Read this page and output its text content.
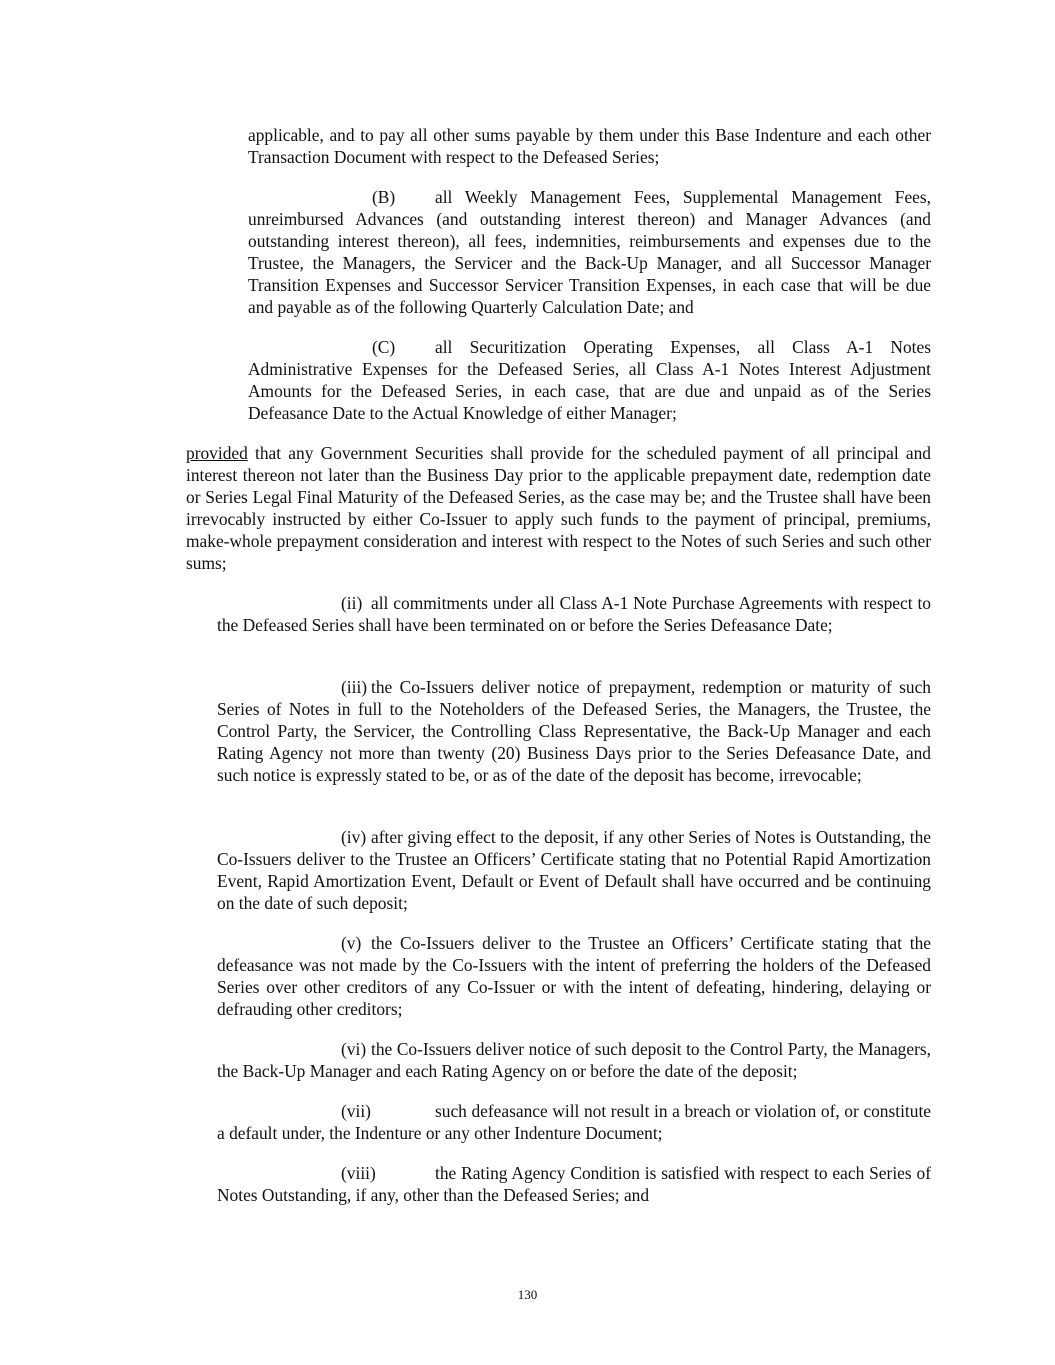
applicable, and to pay all other sums payable by them under this Base Indenture and each other Transaction Document with respect to the Defeased Series;

(B) all Weekly Management Fees, Supplemental Management Fees, unreimbursed Advances (and outstanding interest thereon) and Manager Advances (and outstanding interest thereon), all fees, indemnities, reimbursements and expenses due to the Trustee, the Managers, the Servicer and the Back-Up Manager, and all Successor Manager Transition Expenses and Successor Servicer Transition Expenses, in each case that will be due and payable as of the following Quarterly Calculation Date; and

(C) all Securitization Operating Expenses, all Class A-1 Notes Administrative Expenses for the Defeased Series, all Class A-1 Notes Interest Adjustment Amounts for the Defeased Series, in each case, that are due and unpaid as of the Series Defeasance Date to the Actual Knowledge of either Manager;

provided that any Government Securities shall provide for the scheduled payment of all principal and interest thereon not later than the Business Day prior to the applicable prepayment date, redemption date or Series Legal Final Maturity of the Defeased Series, as the case may be; and the Trustee shall have been irrevocably instructed by either Co-Issuer to apply such funds to the payment of principal, premiums, make-whole prepayment consideration and interest with respect to the Notes of such Series and such other sums;

(ii) all commitments under all Class A-1 Note Purchase Agreements with respect to the Defeased Series shall have been terminated on or before the Series Defeasance Date;

(iii) the Co-Issuers deliver notice of prepayment, redemption or maturity of such Series of Notes in full to the Noteholders of the Defeased Series, the Managers, the Trustee, the Control Party, the Servicer, the Controlling Class Representative, the Back-Up Manager and each Rating Agency not more than twenty (20) Business Days prior to the Series Defeasance Date, and such notice is expressly stated to be, or as of the date of the deposit has become, irrevocable;

(iv) after giving effect to the deposit, if any other Series of Notes is Outstanding, the Co-Issuers deliver to the Trustee an Officers’ Certificate stating that no Potential Rapid Amortization Event, Rapid Amortization Event, Default or Event of Default shall have occurred and be continuing on the date of such deposit;

(v) the Co-Issuers deliver to the Trustee an Officers’ Certificate stating that the defeasance was not made by the Co-Issuers with the intent of preferring the holders of the Defeased Series over other creditors of any Co-Issuer or with the intent of defeating, hindering, delaying or defrauding other creditors;

(vi) the Co-Issuers deliver notice of such deposit to the Control Party, the Managers, the Back-Up Manager and each Rating Agency on or before the date of the deposit;

(vii)	such defeasance will not result in a breach or violation of, or constitute a default under, the Indenture or any other Indenture Document;

(viii)	the Rating Agency Condition is satisfied with respect to each Series of Notes Outstanding, if any, other than the Defeased Series; and

130
